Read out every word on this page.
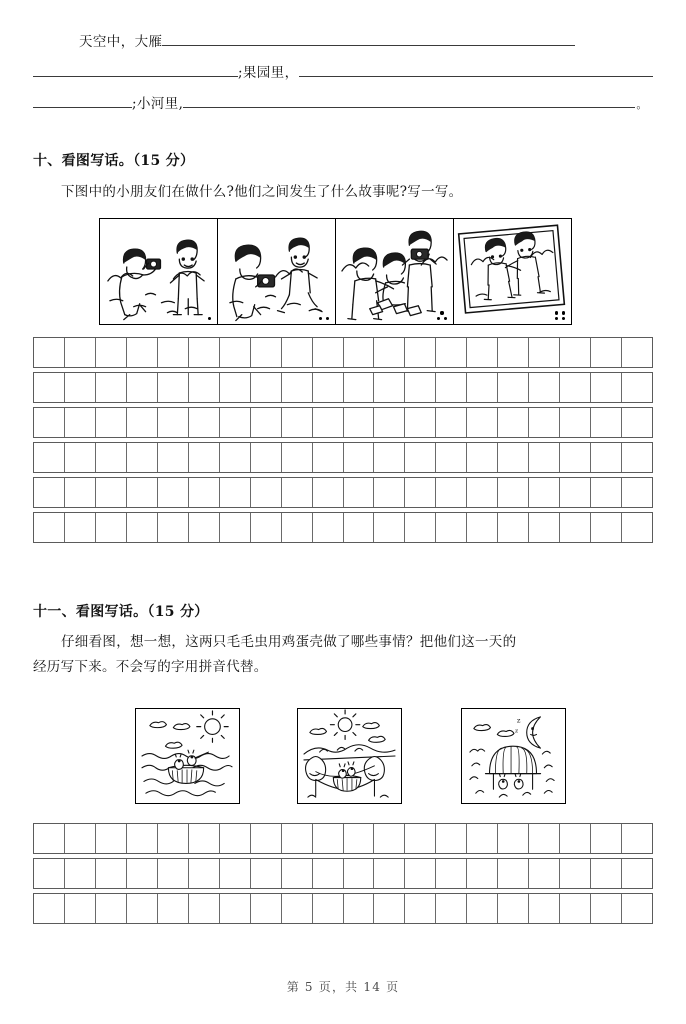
天空中，大雁
;果园里，
;小河里,	。
十、看图写话。（15 分）
下图中的小朋友们在做什么?他们之间发生了什么故事呢?写一写。
十一、看图写话。（15 分）
仔细看图，想一想，这两只毛毛虫用鸡蛋壳做了哪些事情？把他们这一天的
经历写下来。不会写的字用拼音代替。
z
z
第 5 页，共 14 页
